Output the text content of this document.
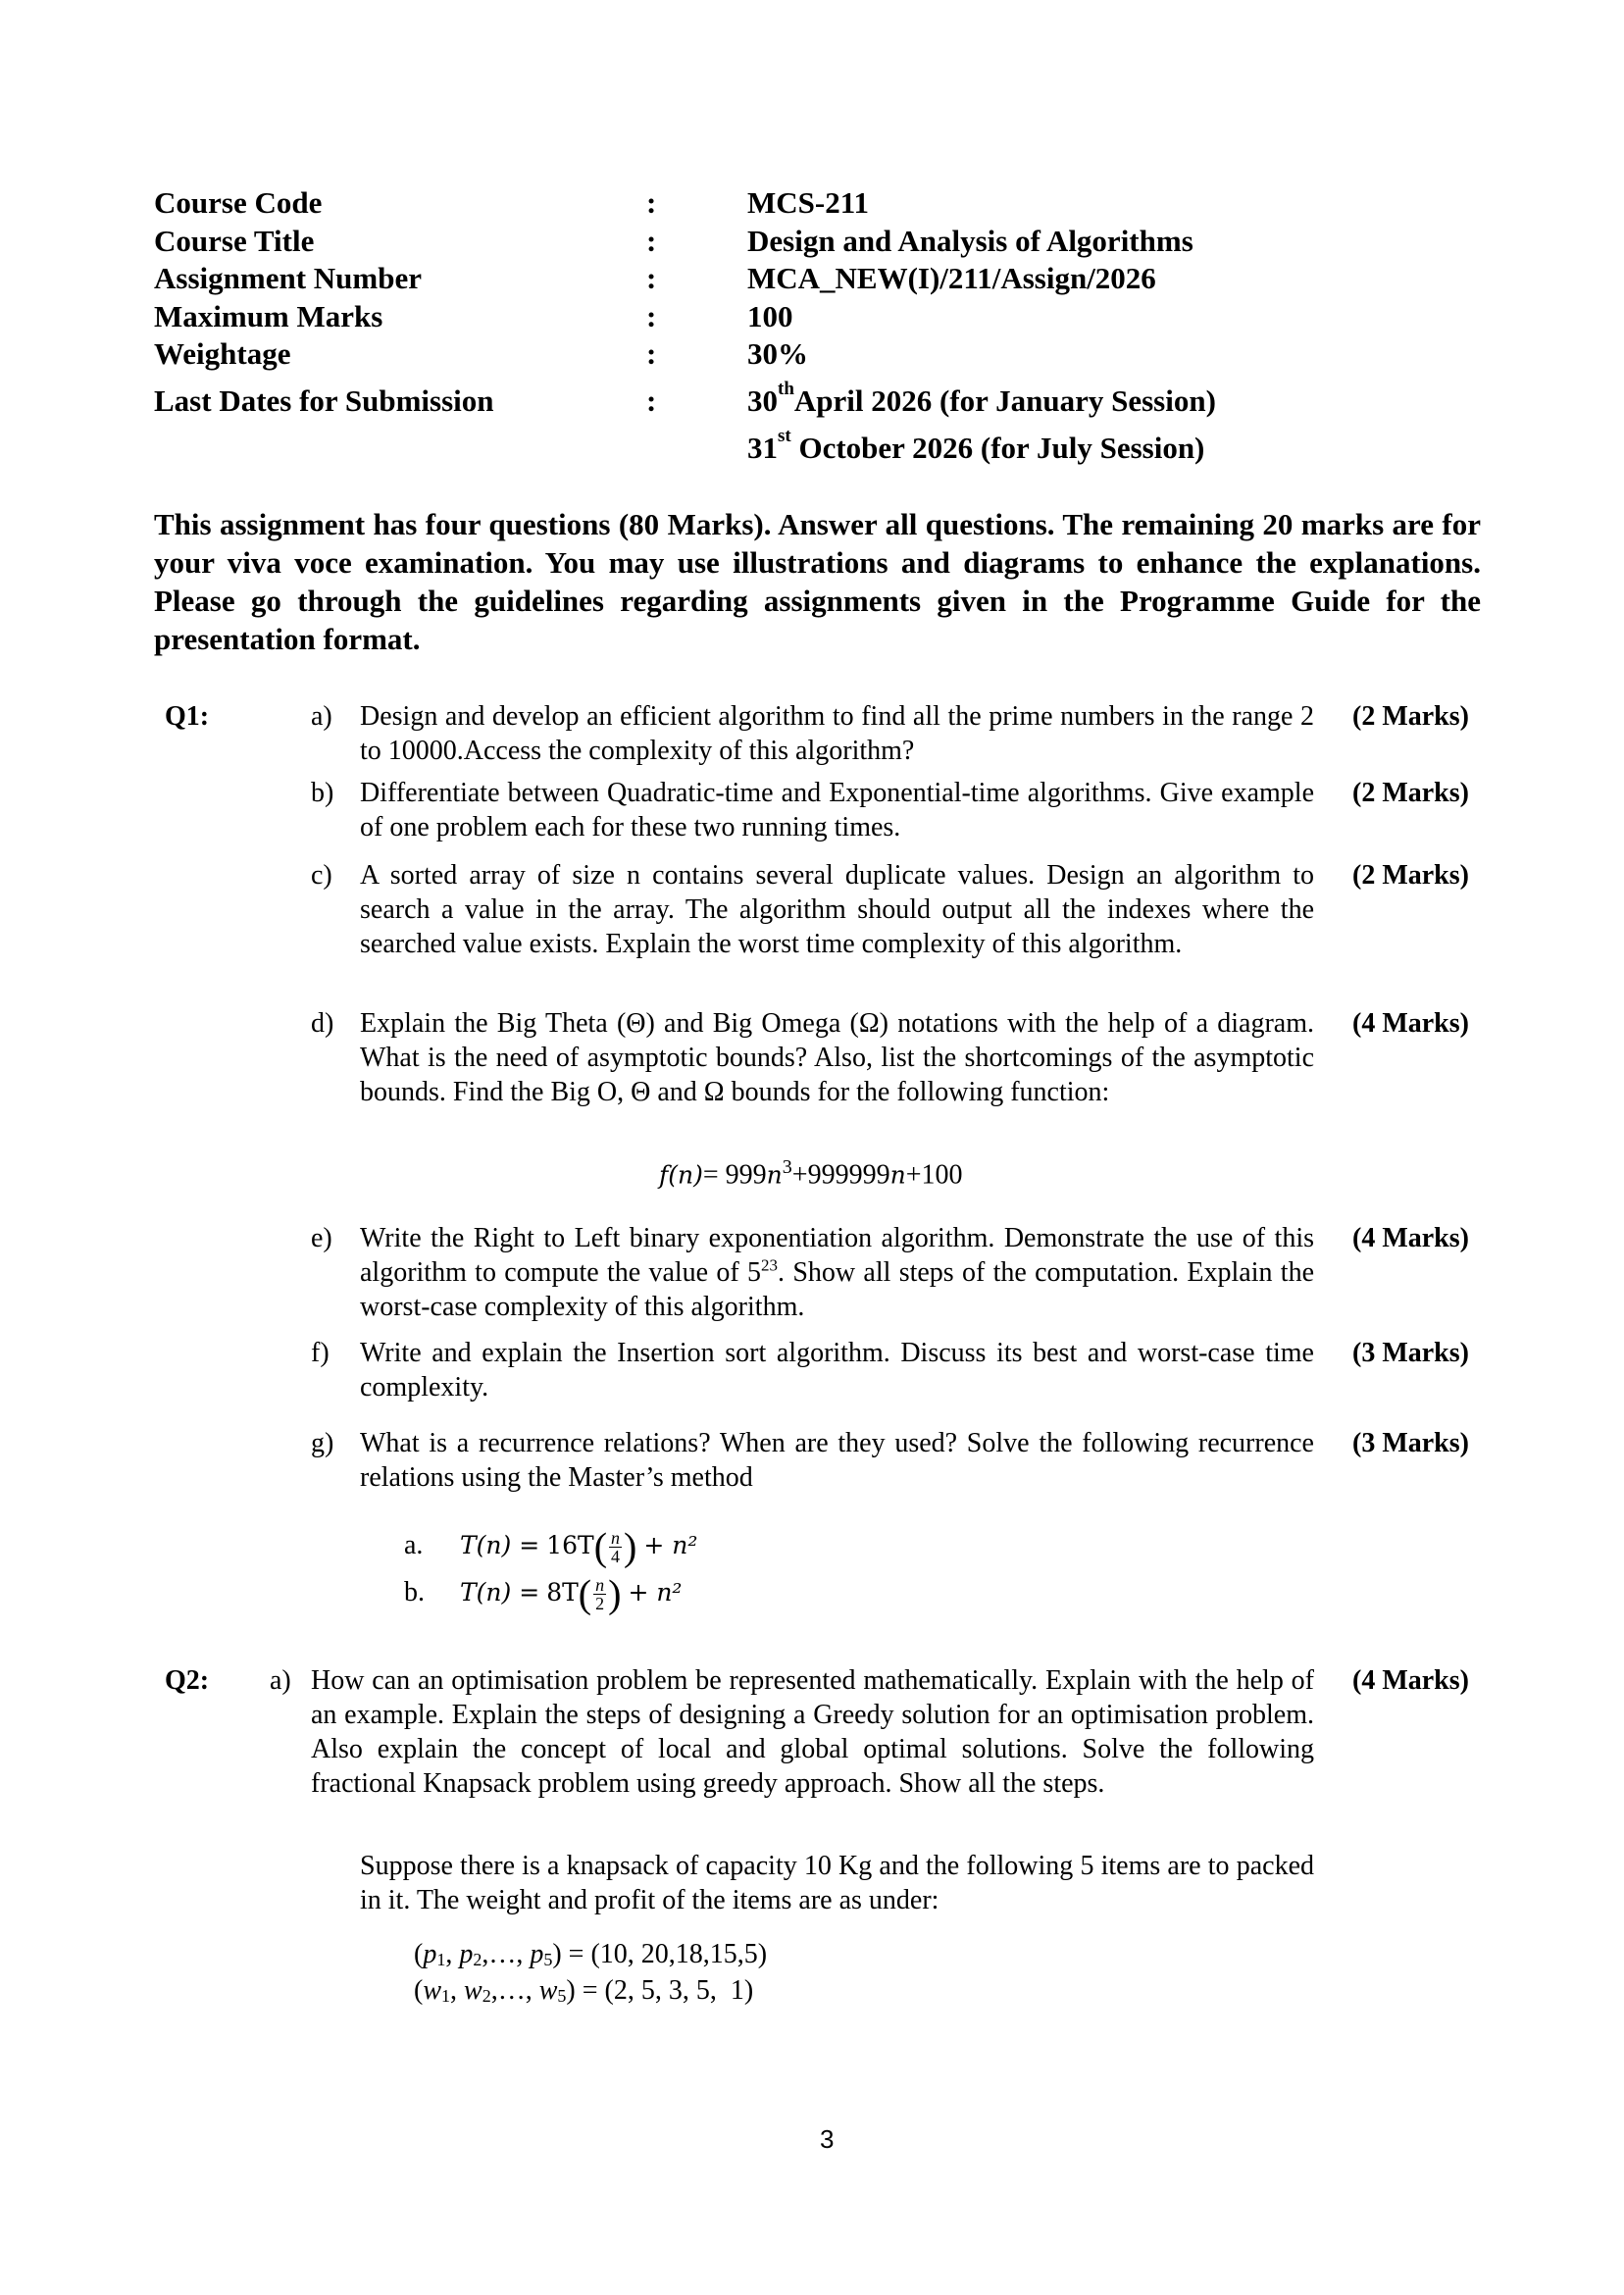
Course Code	:	MCS-211
Course Title	:	Design and Analysis of Algorithms
Assignment Number	:	MCA_NEW(I)/211/Assign/2026
Maximum Marks	:	100
Weightage	:	30%
Last Dates for Submission	:	30thApril 2026 (for January Session)
31st October 2026 (for July Session)
This assignment has four questions (80 Marks). Answer all questions. The remaining 20 marks are for your viva voce examination. You may use illustrations and diagrams to enhance the explanations. Please go through the guidelines regarding assignments given in the Programme Guide for the presentation format.
Q1:	a) Design and develop an efficient algorithm to find all the prime numbers in the range 2 to 10000.Access the complexity of this algorithm?
(2 Marks)
b) Differentiate between Quadratic-time and Exponential-time algorithms. Give example of one problem each for these two running times.
(2 Marks)
c) A sorted array of size n contains several duplicate values. Design an algorithm to search a value in the array. The algorithm should output all the indexes where the searched value exists. Explain the worst time complexity of this algorithm.
(2 Marks)
d) Explain the Big Theta (Θ) and Big Omega (Ω) notations with the help of a diagram. What is the need of asymptotic bounds? Also, list the shortcomings of the asymptotic bounds. Find the Big O, Θ and Ω bounds for the following function:
(4 Marks)
$f(n)= 999n^3+999999n+100$
e) Write the Right to Left binary exponentiation algorithm. Demonstrate the use of this algorithm to compute the value of $5^{23}$. Show all steps of the computation. Explain the worst-case complexity of this algorithm.
(4 Marks)
f) Write and explain the Insertion sort algorithm. Discuss its best and worst-case time complexity.
(3 Marks)
g) What is a recurrence relations? When are they used? Solve the following recurrence relations using the Master’s method
(3 Marks)
a. $T(n) = 16T( \frac{n}{4}$ ) + n²
b. $T(n) = 8T( \frac{n}{2}$ ) + n²
Q2: a) How can an optimisation problem be represented mathematically. Explain with the help of an example. Explain the steps of designing a Greedy solution for an optimisation problem. Also explain the concept of local and global optimal solutions. Solve the following fractional Knapsack problem using greedy approach. Show all the steps.
(4 Marks)
Suppose there is a knapsack of capacity 10 Kg and the following 5 items are to packed in it. The weight and profit of the items are as under:
($p_1$, $p_2,\dots$, $p_5) = (10$, 20,18,15,5)
($w_1$, $w_2,\dots$, $w_5) = (2$, 5, 3, 5,  1)
3
